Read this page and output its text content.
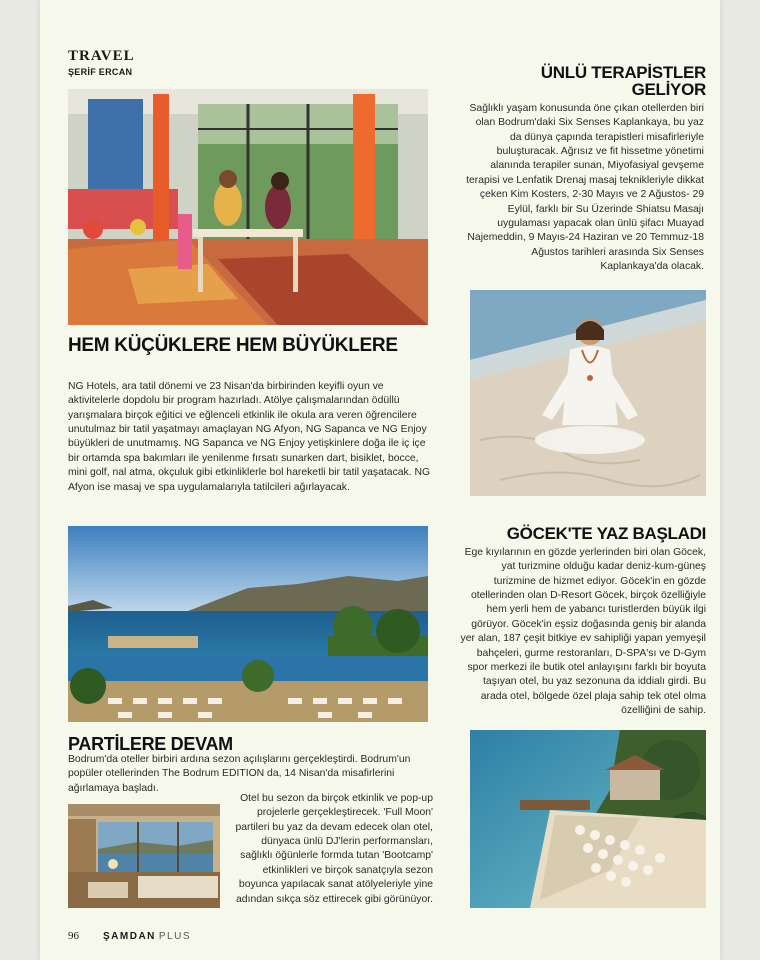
TRAVEL
ŞERİF ERCAN
HEM KÜÇÜKLERE HEM BÜYÜKLERE

NG Hotels, ara tatil dönemi ve 23 Nisan'da birbirinden keyifli oyun ve aktivitelerle dopdolu bir program hazırladı. Atölye çalışmalarından ödüllü yarışmalara birçok eğitici ve eğlenceli etkinlik ile okula ara veren öğrencilere unutulmaz bir tatil yaşatmayı amaçlayan NG Afyon, NG Sapanca ve NG Enjoy büyükleri de unutmamış. NG Sapanca ve NG Enjoy yetişkinlere doğa ile iç içe bir ortamda spa bakımları ile yenilenme fırsatı sunarken dart, bisiklet, bocce, mini golf, nal atma, okçuluk gibi etkinliklerle bol hareketli bir tatil yaşatacak. NG Afyon ise masaj ve spa uygulamalarıyla tatilcileri ağırlayacak.

PARTİLERE DEVAM

Bodrum'da oteller birbiri ardına sezon açılışlarını gerçekleştirdi. Bodrum'un popüler otellerinden The Bodrum EDITION da, 14 Nisan'da misafirlerini ağırlamaya başladı.

Otel bu sezon da birçok etkinlik ve pop-up projelerle gerçekleştirecek. 'Full Moon' partileri bu yaz da devam edecek olan otel, dünyaca ünlü DJ'lerin performansları, sağlıklı öğünlerle formda tutan 'Bootcamp' etkinlikleri ve birçok sanatçıyla sezon boyunca yapılacak sanat atölyeleriyle yine adından sıkça söz ettirecek gibi görünüyor.

ÜNLÜ TERAPİSTLER GELİYOR

Sağlıklı yaşam konusunda öne çıkan otellerden biri olan Bodrum'daki Six Senses Kaplankaya, bu yaz da dünya çapında terapistleri misafirleriyle buluşturacak. Ağrısız ve fit hissetme yönetimi alanında terapiler sunan, Miyofasiyal gevşeme terapisi ve Lenfatik Drenaj masaj teknikleriyle dikkat çeken Kim Kosters, 2-30 Mayıs ve 2 Ağustos- 29 Eylül, farklı bir Su Üzerinde Shiatsu Masajı uygulaması yapacak olan ünlü şifacı Muayad Najemeddin, 9 Mayıs-24 Haziran ve 20 Temmuz-18 Ağustos tarihleri arasında Six Senses Kaplankaya'da olacak.

GÖCEK'TE YAZ BAŞLADI

Ege kıyılarının en gözde yerlerinden biri olan Göcek, yat turizmine olduğu kadar deniz-kum-güneş turizmine de hizmet ediyor. Göcek'in en gözde otellerinden olan D-Resort Göcek, birçok özelliğiyle hem yerli hem de yabancı turistlerden büyük ilgi görüyor. Göcek'in eşsiz doğasında geniş bir alanda yer alan, 187 çeşit bitkiye ev sahipliği yapan yemyeşil bahçeleri, gurme restoranları, D-SPA'sı ve D-Gym spor merkezi ile butik otel anlayışını farklı bir boyuta taşıyan otel, bu yaz sezonuna da iddialı girdi. Bu arada otel, bölgede özel plaja sahip tek otel olma özelliğini de sahip.

96 ŞAMDAN PLUS
